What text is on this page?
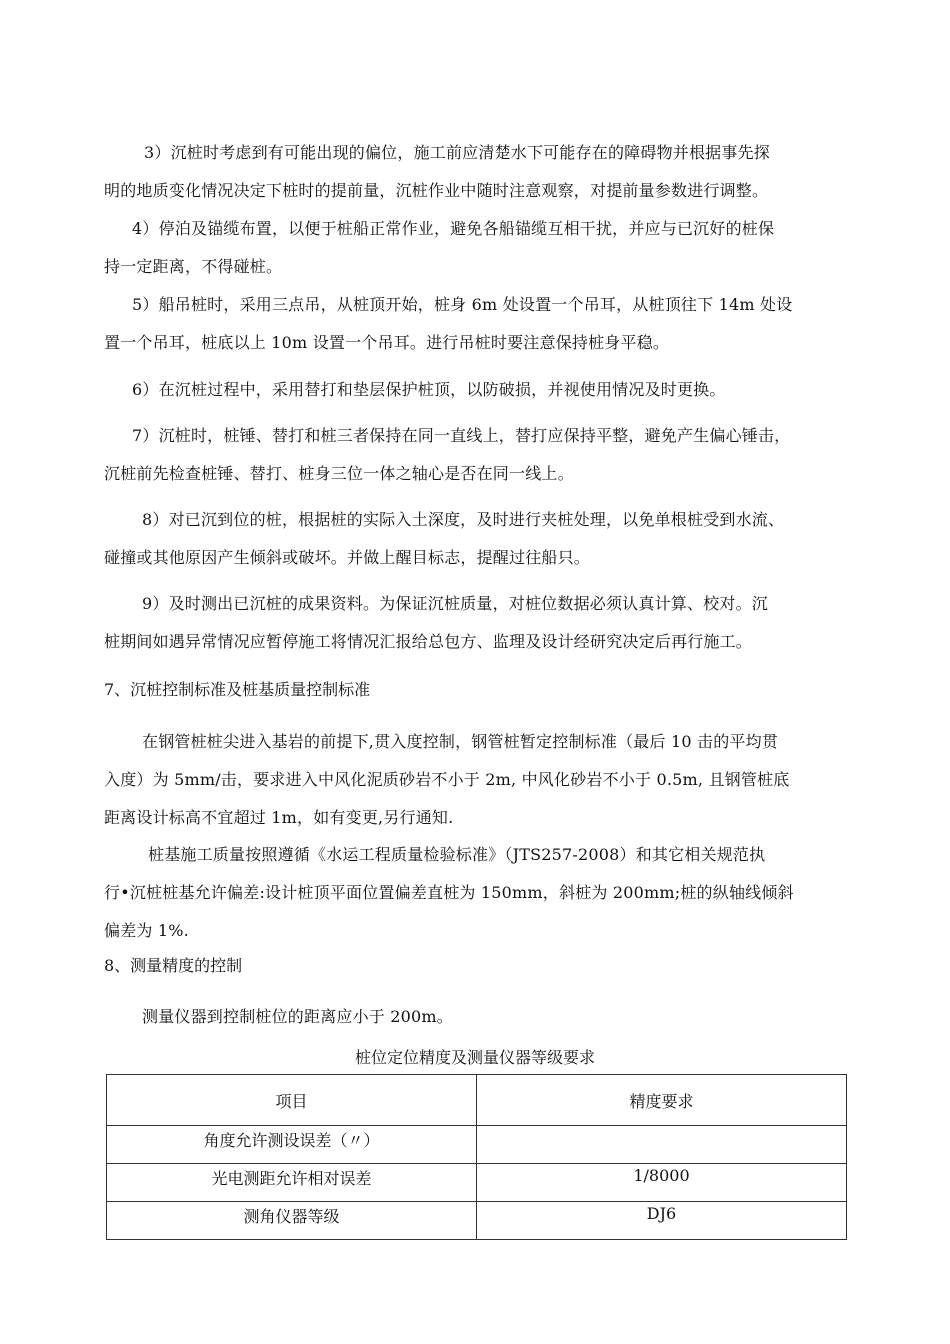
3）沉桩时考虑到有可能出现的偏位，施工前应清楚水下可能存在的障碍物并根据事先探
明的地质变化情况决定下桩时的提前量，沉桩作业中随时注意观察，对提前量参数进行调整。

4）停泊及锚缆布置，以便于桩船正常作业，避免各船锚缆互相干扰，并应与已沉好的桩保
持一定距离，不得碰桩。

5）船吊桩时，采用三点吊，从桩顶开始，桩身 6m 处设置一个吊耳，从桩顶往下 14m 处设
置一个吊耳，桩底以上 10m 设置一个吊耳。进行吊桩时要注意保持桩身平稳。

6）在沉桩过程中，采用替打和垫层保护桩顶，以防破损，并视使用情况及时更换。

7）沉桩时，桩锤、替打和桩三者保持在同一直线上，替打应保持平整，避免产生偏心锤击，
沉桩前先检查桩锤、替打、桩身三位一体之轴心是否在同一线上。

8）对已沉到位的桩，根据桩的实际入土深度，及时进行夹桩处理，以免单根桩受到水流、
碰撞或其他原因产生倾斜或破坏。并做上醒目标志，提醒过往船只。

9）及时测出已沉桩的成果资料。为保证沉桩质量，对桩位数据必须认真计算、校对。沉
桩期间如遇异常情况应暂停施工将情况汇报给总包方、监理及设计经研究决定后再行施工。

7、沉桩控制标准及桩基质量控制标准

在钢管桩桩尖进入基岩的前提下,贯入度控制，钢管桩暂定控制标准（最后 10 击的平均贯
入度）为 5mm/击，要求进入中风化泥质砂岩不小于 2m, 中风化砂岩不小于 0.5m, 且钢管桩底
距离设计标高不宜超过 1m，如有变更,另行通知.

桩基施工质量按照遵循《水运工程质量检验标准》（JTS257-2008）和其它相关规范执
行•沉桩桩基允许偏差:设计桩顶平面位置偏差直桩为 150mm，斜桩为 200mm;桩的纵轴线倾斜
偏差为 1%.

8、测量精度的控制

测量仪器到控制桩位的距离应小于 200m。

桩位定位精度及测量仪器等级要求
项目	精度要求
角度允许测设误差（〃）	
光电测距允许相对误差	1/8000
测角仪器等级	DJ6
